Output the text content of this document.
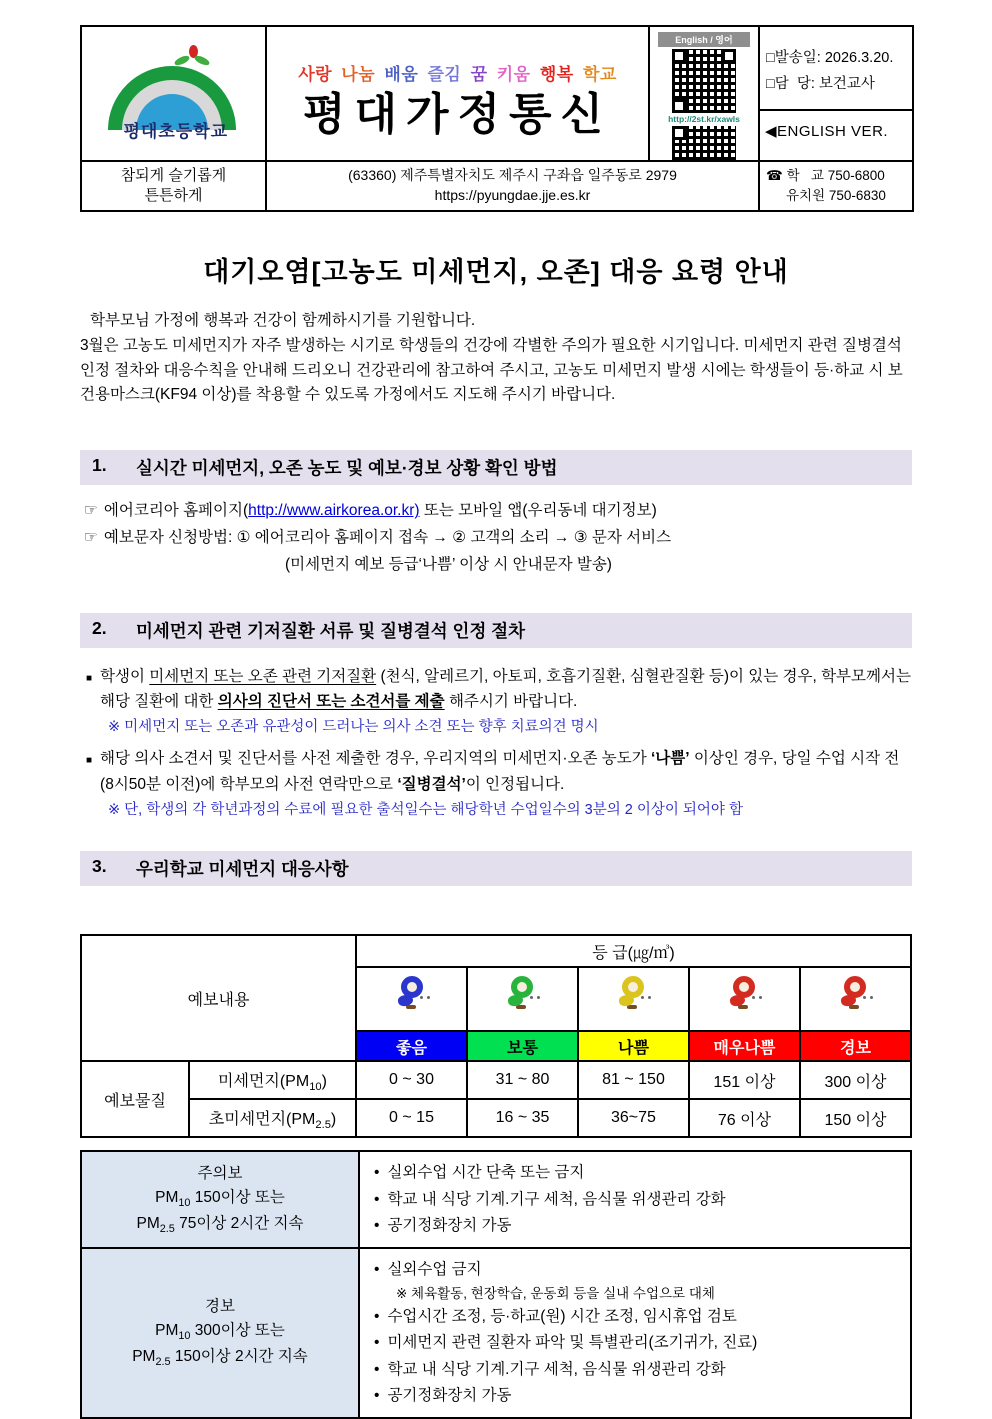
평대초등학교

사랑 나눔 배움 즐김 꿈 키움 행복 학교
평대가정통신

English / 영어
http://2st.kr/xawls

□발송일: 2026.3.20.
□담  당: 보건교사
◀ENGLISH VER.

참되게 슬기롭게
튼튼하게

(63360) 제주특별자치도 제주시 구좌읍 일주동로 2979
https://pyungdae.jje.es.kr

☎ 학   교 750-6800
유치원 750-6830
대기오염[고농도 미세먼지, 오존] 대응 요령 안내

학부모님 가정에 행복과 건강이 함께하시기를 기원합니다.

3월은 고농도 미세먼지가 자주 발생하는 시기로 학생들의 건강에 각별한 주의가 필요한 시기입니다. 미세먼지 관련 질병결석 인정 절차와 대응수칙을 안내해 드리오니 건강관리에 참고하여 주시고, 고농도 미세먼지 발생 시에는 학생들이 등·하교 시 보건용마스크(KF94 이상)를 착용할 수 있도록 가정에서도 지도해 주시기 바랍니다.

1.	실시간 미세먼지, 오존 농도 및 예보·경보 상황 확인 방법
☞ 에어코리아 홈페이지(http://www.airkorea.or.kr) 또는 모바일 앱(우리동네 대기정보)
☞ 예보문자 신청방법: ① 에어코리아 홈페이지 접속 → ② 고객의 소리 → ③ 문자 서비스
(미세먼지 예보 등급‘나쁨’ 이상 시 안내문자 발송)
2.	미세먼지 관련 기저질환 서류 및 질병결석 인정 절차
■ 학생이 미세먼지 또는 오존 관련 기저질환 (천식, 알레르기, 아토피, 호흡기질환, 심혈관질환 등)이 있는 경우, 학부모께서는 해당 질환에 대한 의사의 진단서 또는 소견서를 제출 해주시기 바랍니다.
※ 미세먼지 또는 오존과 유관성이 드러나는 의사 소견 또는 향후 치료의견 명시
■ 해당 의사 소견서 및 진단서를 사전 제출한 경우, 우리지역의 미세먼지·오존 농도가 ‘나쁨’ 이상인 경우, 당일 수업 시작 전(8시50분 이전)에 학부모의 사전 연락만으로 ‘질병결석’이 인정됩니다.
※ 단, 학생의 각 학년과정의 수료에 필요한 출석일수는 해당학년 수업일수의 3분의 2 이상이 되어야 함
3.	우리학교 미세먼지 대응사항
예보내용		등 급(㎍/㎥)				

		좋음	보통	나쁨	매우나쁨	경보
예보물질	미세먼지$(PM_{10})$	0 ~ 30	31 ~ 80	81 ~ 150	151 이상	300 이상
	초미세먼지$(PM_{2.5})$	0 ~ 15	16 ~ 35	36~75	76 이상	150 이상
주의보
$PM_{10}$ 150이상 또는
$PM_{2.5}$ 75이상 2시간 지속

• 실외수업 시간 단축 또는 금지
• 학교 내 식당 기계.기구 세척, 음식물 위생관리 강화
• 공기정화장치 가동

경보
$PM_{10}$ 300이상 또는
$PM_{2.5}$ 150이상 2시간 지속

• 실외수업 금지
※ 체육활동, 현장학습, 운동회 등을 실내 수업으로 대체
• 수업시간 조정, 등·하교(원) 시간 조정, 임시휴업 검토
• 미세먼지 관련 질환자 파악 및 특별관리(조기귀가, 진료)
• 학교 내 식당 기계.기구 세척, 음식물 위생관리 강화
• 공기정화장치 가동
